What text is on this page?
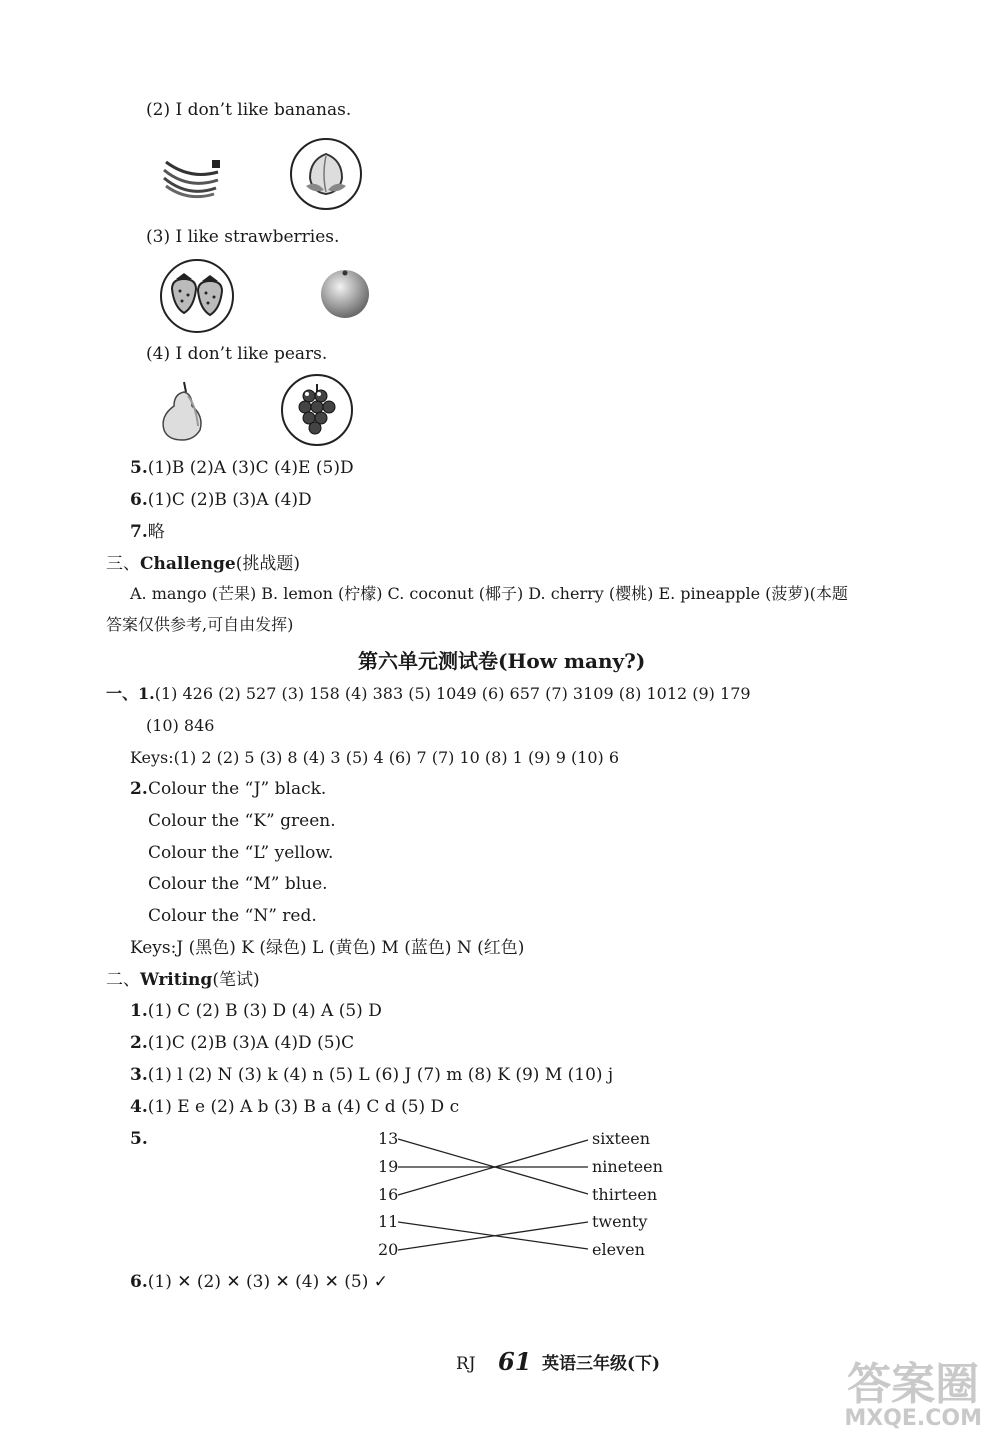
(2) I don’t like bananas.
(3) I like strawberries.
(4) I don’t like pears.
5.(1)B (2)A (3)C (4)E (5)D
6.(1)C (2)B (3)A (4)D
7.略
三、Challenge(挑战题)
A. mango (芒果) B. lemon (柠檬) C. coconut (椰子) D. cherry (樱桃) E. pineapple (菠萝)(本题
答案仅供参考,可自由发挥)
第六单元测试卷(How many?)
一、1.(1) 426 (2) 527 (3) 158 (4) 383 (5) 1049 (6) 657 (7) 3109 (8) 1012 (9) 179
(10) 846
Keys:(1) 2 (2) 5 (3) 8 (4) 3 (5) 4 (6) 7 (7) 10 (8) 1 (9) 9 (10) 6
2. Colour the “J” black.
Colour the “K” green.
Colour the “L” yellow.
Colour the “M” blue.
Colour the “N” red.
Keys:J (黑色) K (绿色) L (黄色) M (蓝色) N (红色)
二、Writing(笔试)
1.(1) C (2) B (3) D (4) A (5) D
2.(1)C (2)B (3)A (4)D (5)C
3.(1) l (2) N (3) k (4) n (5) L (6) J (7) m (8) K (9) M (10) j
4.(1) E e (2) A b (3) B a (4) C d (5) D c
5.	13
19
16
11
20
sixteen
nineteen
thirteen
twenty
eleven
6.(1) ✕ (2) ✕ (3) ✕ (4) ✕ (5) ✓
RJ 61 英语三年级(下)	答案圈
MXQE.COM
